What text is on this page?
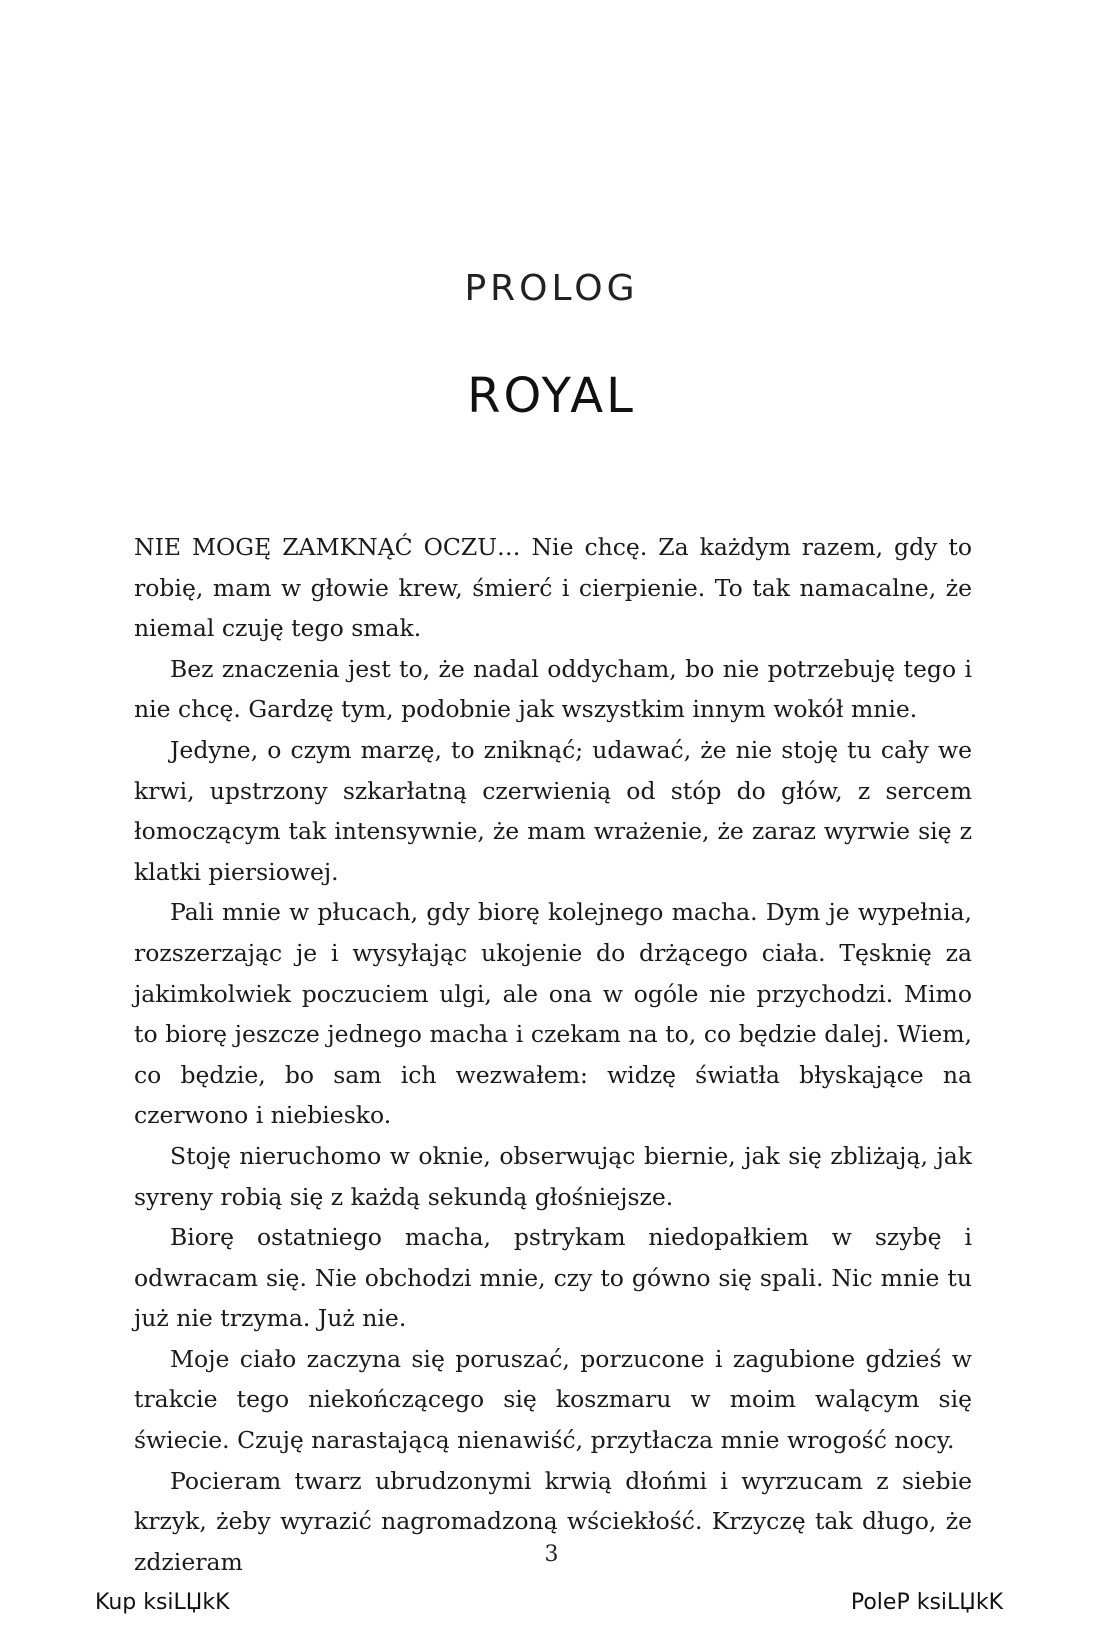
PROLOG
ROYAL

NIE MOGĘ ZAMKNĄĆ OCZU… Nie chcę. Za każdym razem, gdy to robię, mam w głowie krew, śmierć i cierpienie. To tak namacalne, że niemal czuję tego smak.

Bez znaczenia jest to, że nadal oddycham, bo nie potrzebuję tego i nie chcę. Gardzę tym, podobnie jak wszystkim innym wokół mnie.

Jedyne, o czym marzę, to zniknąć; udawać, że nie stoję tu cały we krwi, upstrzony szkarłatną czerwienią od stóp do głów, z sercem łomoczącym tak intensywnie, że mam wrażenie, że zaraz wyrwie się z klatki piersiowej.

Pali mnie w płucach, gdy biorę kolejnego macha. Dym je wypełnia, rozszerzając je i wysyłając ukojenie do drżącego ciała. Tęsknię za jakimkolwiek poczuciem ulgi, ale ona w ogóle nie przychodzi. Mimo to biorę jeszcze jednego macha i czekam na to, co będzie dalej. Wiem, co będzie, bo sam ich wezwałem: widzę światła błyskające na czerwono i niebiesko.

Stoję nieruchomo w oknie, obserwując biernie, jak się zbliżają, jak syreny robią się z każdą sekundą głośniejsze.

Biorę ostatniego macha, pstrykam niedopałkiem w szybę i odwracam się. Nie obchodzi mnie, czy to gówno się spali. Nic mnie tu już nie trzyma. Już nie.

Moje ciało zaczyna się poruszać, porzucone i zagubione gdzieś w trakcie tego niekończącego się koszmaru w moim walącym się świecie. Czuję narastającą nienawiść, przytłacza mnie wrogość nocy.

Pocieram twarz ubrudzonymi krwią dłońmi i wyrzucam z siebie krzyk, żeby wyrazić nagromadzoną wściekłość. Krzyczę tak długo, że zdzieram	3
Kup ksiLЏkK	PoleP ksiLЏkK
